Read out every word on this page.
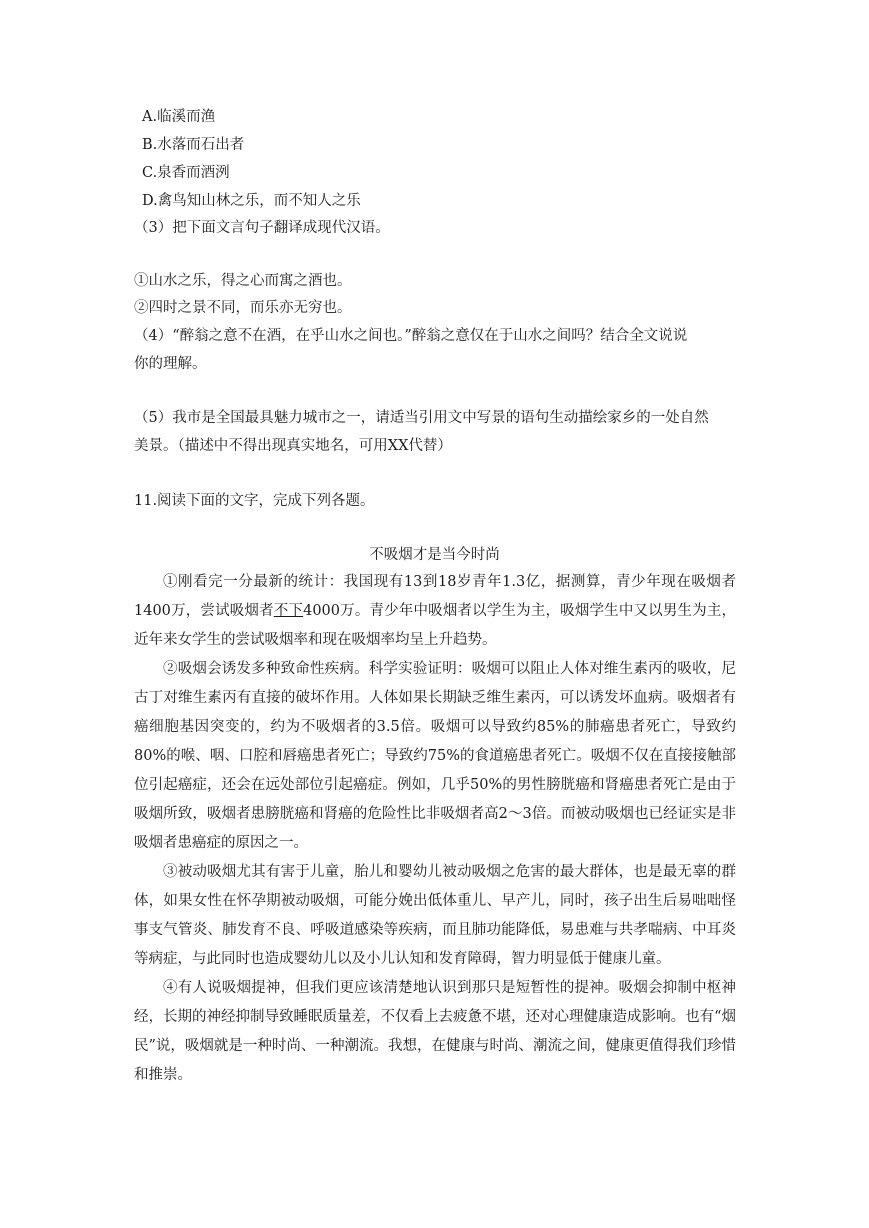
A.临溪而渔
B.水落而石出者
C.泉香而酒洌
D.禽鸟知山林之乐，而不知人之乐
（3）把下面文言句子翻译成现代汉语。
①山水之乐，得之心而寓之酒也。
②四时之景不同，而乐亦无穷也。
（4）“醉翁之意不在酒，在乎山水之间也。”醉翁之意仅在于山水之间吗？结合全文说说
你的理解。
（5）我市是全国最具魅力城市之一，请适当引用文中写景的语句生动描绘家乡的一处自然
美景。（描述中不得出现真实地名，可用XX代替）
11.阅读下面的文字，完成下列各题。
不吸烟才是当今时尚

①刚看完一分最新的统计：我国现有13到18岁青年1.3亿，据测算，青少年现在吸烟者1400万，尝试吸烟者不下4000万。青少年中吸烟者以学生为主，吸烟学生中又以男生为主，近年来女学生的尝试吸烟率和现在吸烟率均呈上升趋势。

②吸烟会诱发多种致命性疾病。科学实验证明：吸烟可以阻止人体对维生素丙的吸收，尼古丁对维生素丙有直接的破坏作用。人体如果长期缺乏维生素丙，可以诱发坏血病。吸烟者有癌细胞基因突变的，约为不吸烟者的3.5倍。吸烟可以导致约85%的肺癌患者死亡，导致约80%的喉、咽、口腔和唇癌患者死亡；导致约75%的食道癌患者死亡。吸烟不仅在直接接触部位引起癌症，还会在远处部位引起癌症。例如，几乎50%的男性膀胱癌和肾癌患者死亡是由于吸烟所致，吸烟者患膀胱癌和肾癌的危险性比非吸烟者高2～3倍。而被动吸烟也已经证实是非吸烟者患癌症的原因之一。

③被动吸烟尤其有害于儿童，胎儿和婴幼儿被动吸烟之危害的最大群体，也是最无辜的群体，如果女性在怀孕期被动吸烟，可能分娩出低体重儿、早产儿，同时，孩子出生后易咄咄怪事支气管炎、肺发育不良、呼吸道感染等疾病，而且肺功能降低，易患难与共孝喘病、中耳炎等病症，与此同时也造成婴幼儿以及小儿认知和发育障碍，智力明显低于健康儿童。

④有人说吸烟提神，但我们更应该清楚地认识到那只是短暂性的提神。吸烟会抑制中枢神经，长期的神经抑制导致睡眠质量差，不仅看上去疲惫不堪，还对心理健康造成影响。也有“烟民”说，吸烟就是一种时尚、一种潮流。我想，在健康与时尚、潮流之间，健康更值得我们珍惜和推崇。
